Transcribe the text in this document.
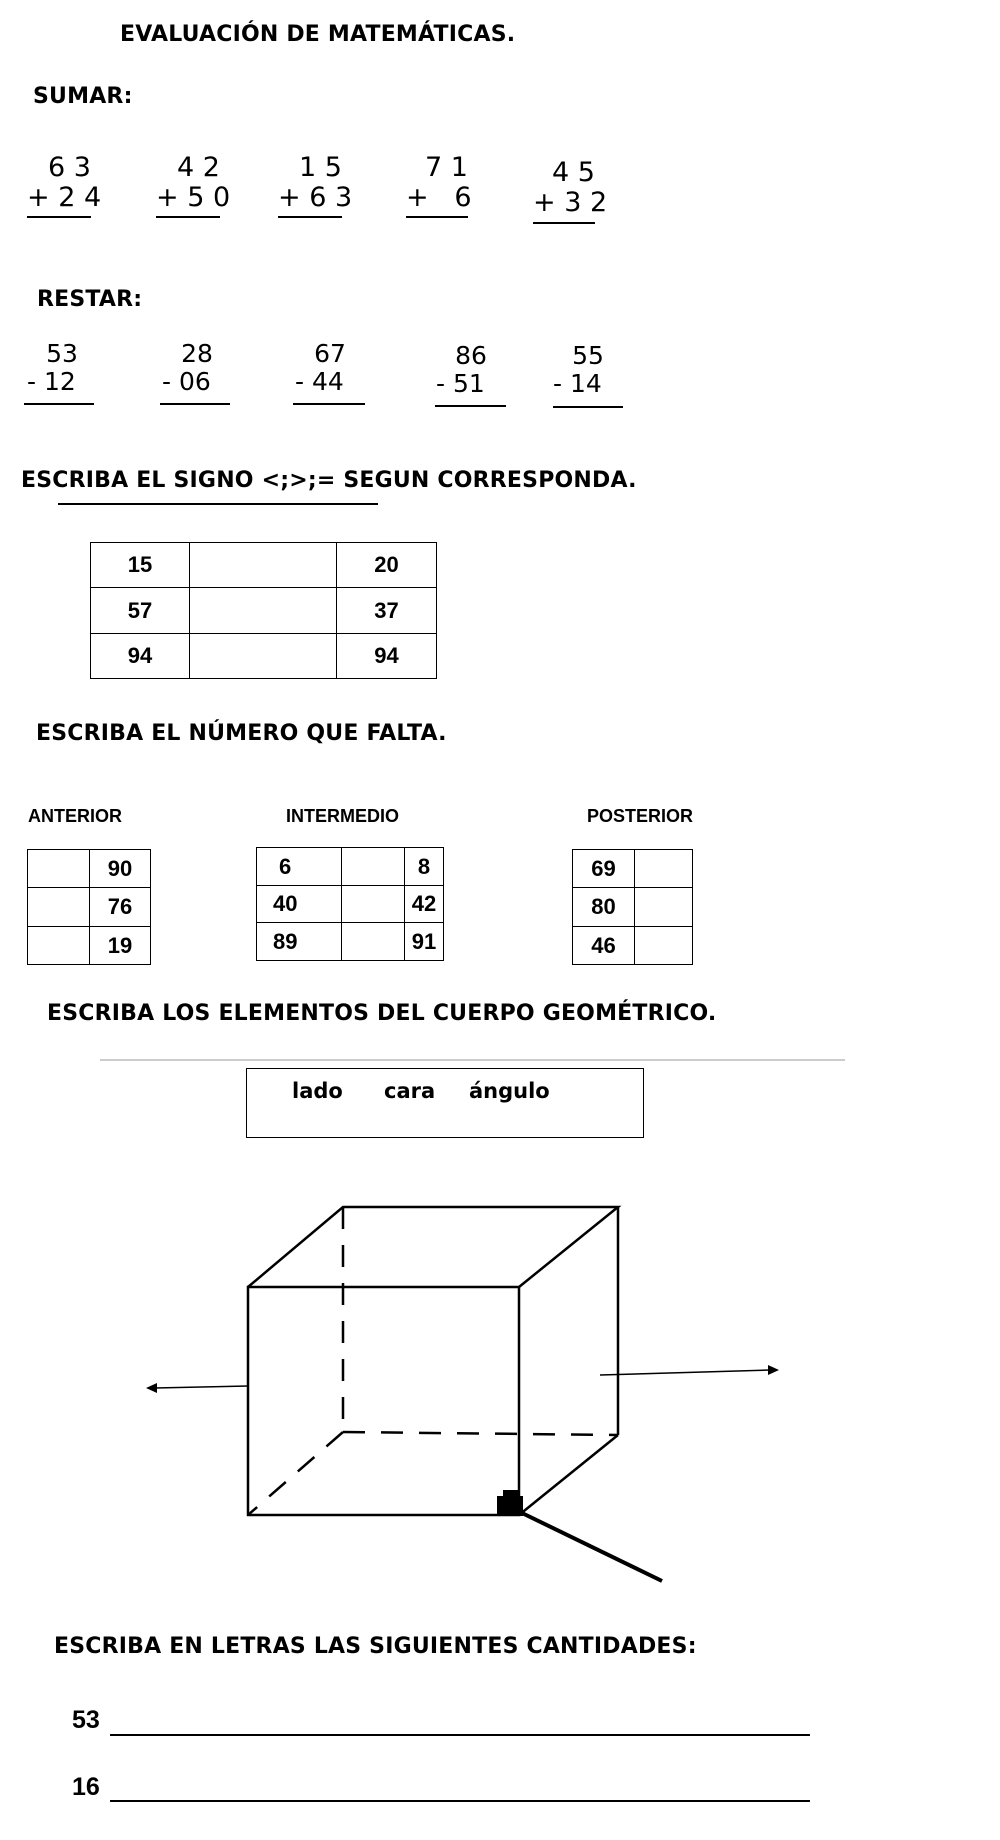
EVALUACIÓN DE MATEMÁTICAS.
SUMAR:
6 3
+ 2 4
4 2
+ 5 0
1 5
+ 6 3
7 1
+   6
4 5
+ 3 2
RESTAR:
53
- 12
28
- 06
67
- 44
86
- 51
55
- 14
ESCRIBA EL SIGNO <;>;= SEGUN CORRESPONDA.
15		20
57		37
94		94
ESCRIBA EL NÚMERO QUE FALTA.
ANTERIOR	INTERMEDIO	POSTERIOR
	90
	76
	19
6		8
40		42
89		91
69	
80	
46	
ESCRIBA LOS ELEMENTOS DEL CUERPO GEOMÉTRICO.
lado cara ángulo
ESCRIBA EN LETRAS LAS SIGUIENTES CANTIDADES:
53
16
